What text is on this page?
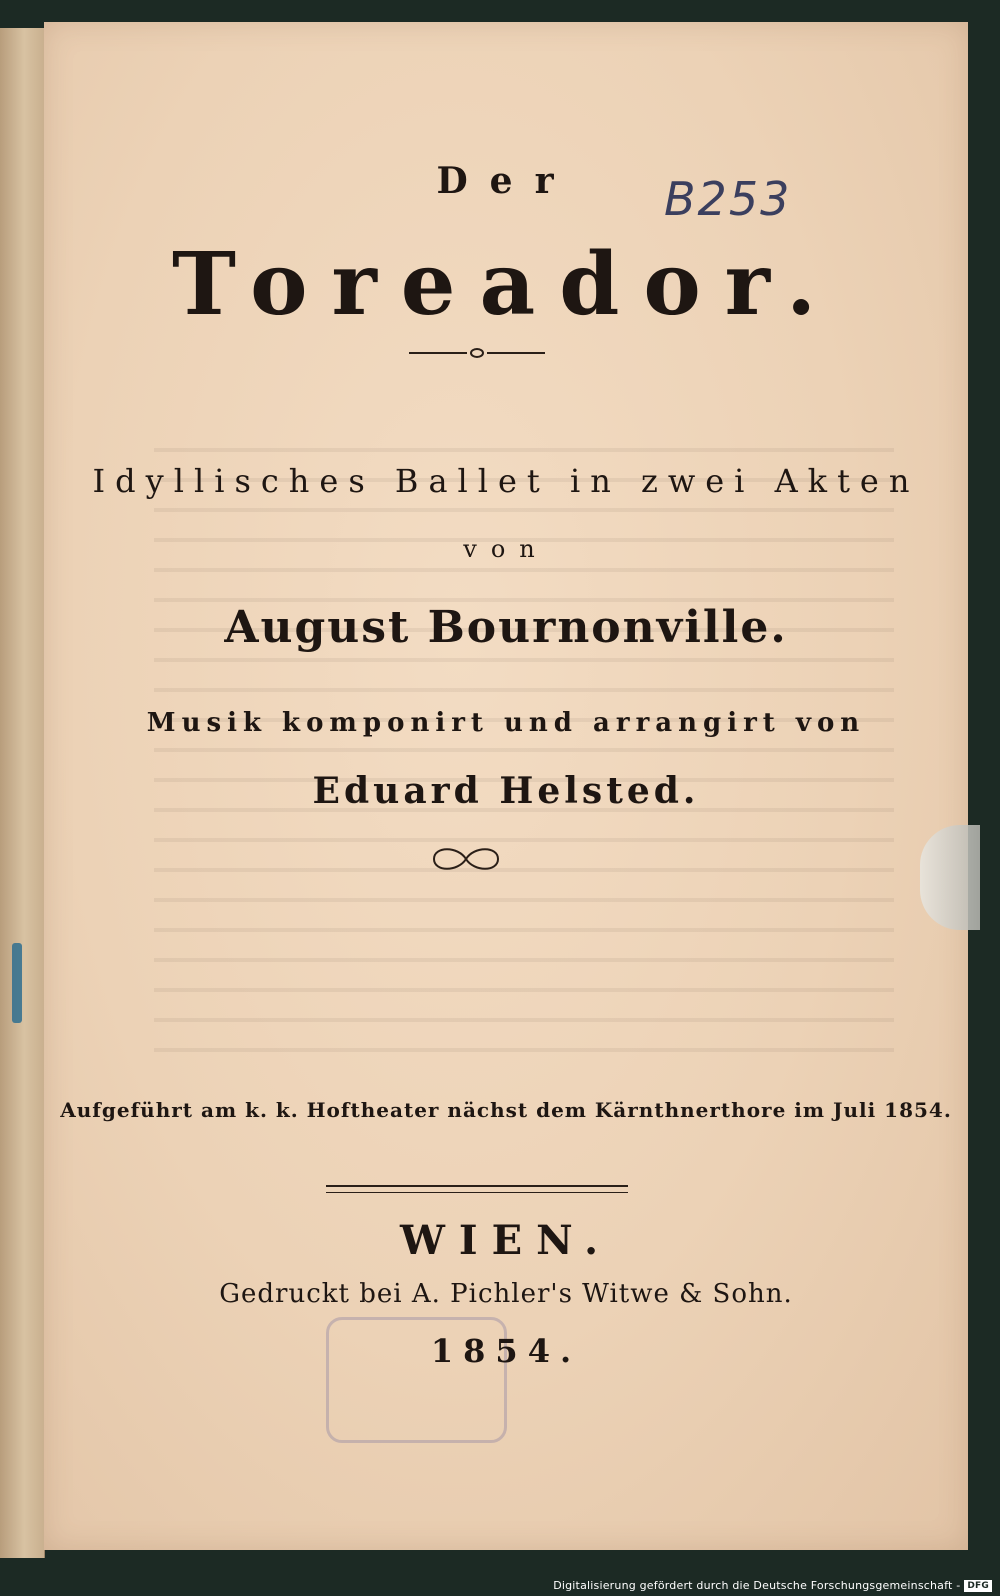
B253
Der
Toreador.
Idyllisches Ballet in zwei Akten
von
August Bournonville.
Musik komponirt und arrangirt von
Eduard Helsted.
Aufgeführt am k. k. Hoftheater nächst dem Kärnthnerthore im Juli 1854.
WIEN.
Gedruckt bei A. Pichler's Witwe & Sohn.
1854.
Digitalisierung gefördert durch die Deutsche Forschungsgemeinschaft - DFG
